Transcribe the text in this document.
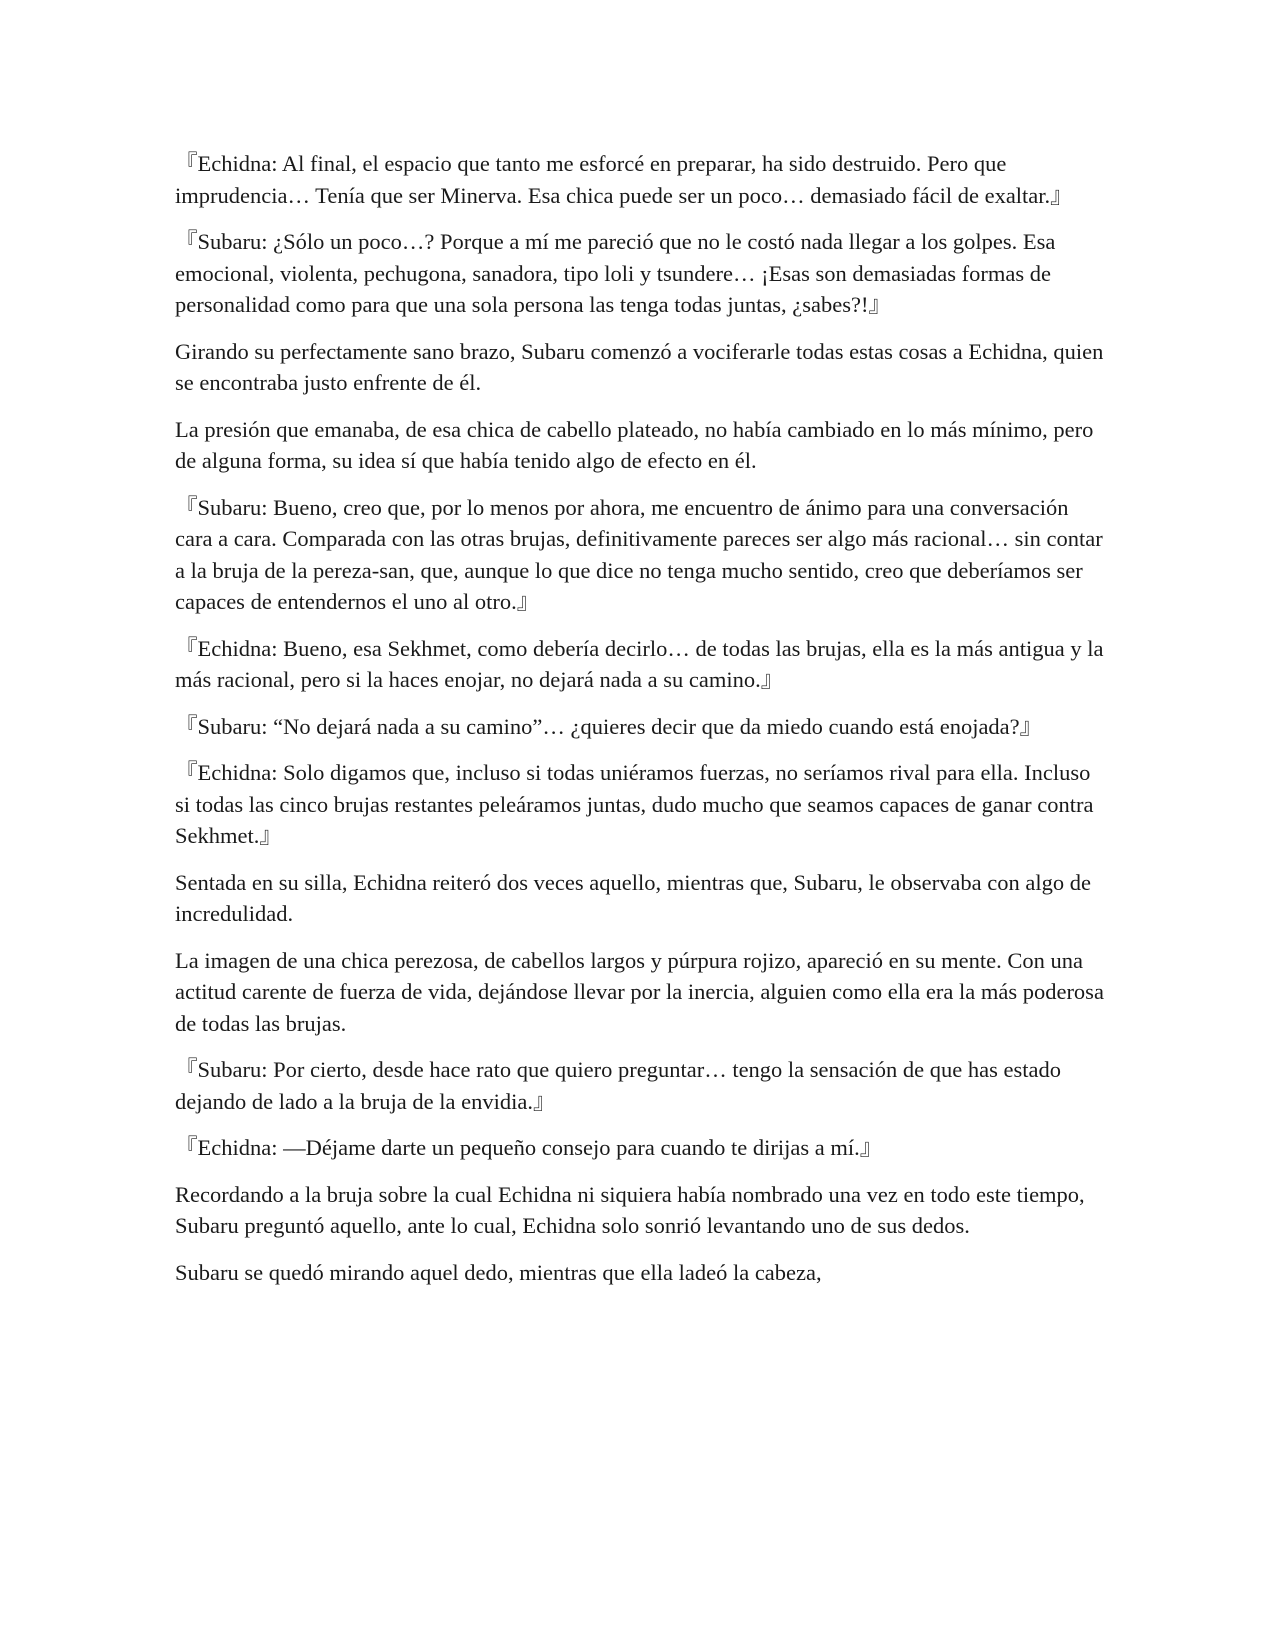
『Echidna: Al final, el espacio que tanto me esforcé en preparar, ha sido destruido. Pero que imprudencia… Tenía que ser Minerva. Esa chica puede ser un poco… demasiado fácil de exaltar.』

『Subaru: ¿Sólo un poco…? Porque a mí me pareció que no le costó nada llegar a los golpes. Esa emocional, violenta, pechugona, sanadora, tipo loli y tsundere… ¡Esas son demasiadas formas de personalidad como para que una sola persona las tenga todas juntas, ¿sabes?!』

Girando su perfectamente sano brazo, Subaru comenzó a vociferarle todas estas cosas a Echidna, quien se encontraba justo enfrente de él.

La presión que emanaba, de esa chica de cabello plateado, no había cambiado en lo más mínimo, pero de alguna forma, su idea sí que había tenido algo de efecto en él.

『Subaru: Bueno, creo que, por lo menos por ahora, me encuentro de ánimo para una conversación cara a cara. Comparada con las otras brujas, definitivamente pareces ser algo más racional… sin contar a la bruja de la pereza-san, que, aunque lo que dice no tenga mucho sentido, creo que deberíamos ser capaces de entendernos el uno al otro.』

『Echidna: Bueno, esa Sekhmet, como debería decirlo… de todas las brujas, ella es la más antigua y la más racional, pero si la haces enojar, no dejará nada a su camino.』

『Subaru: “No dejará nada a su camino”… ¿quieres decir que da miedo cuando está enojada?』

『Echidna: Solo digamos que, incluso si todas uniéramos fuerzas, no seríamos rival para ella. Incluso si todas las cinco brujas restantes peleáramos juntas, dudo mucho que seamos capaces de ganar contra Sekhmet.』

Sentada en su silla, Echidna reiteró dos veces aquello, mientras que, Subaru, le observaba con algo de incredulidad.

La imagen de una chica perezosa, de cabellos largos y púrpura rojizo, apareció en su mente. Con una actitud carente de fuerza de vida, dejándose llevar por la inercia, alguien como ella era la más poderosa de todas las brujas.

『Subaru: Por cierto, desde hace rato que quiero preguntar… tengo la sensación de que has estado dejando de lado a la bruja de la envidia.』

『Echidna: —Déjame darte un pequeño consejo para cuando te dirijas a mí.』

Recordando a la bruja sobre la cual Echidna ni siquiera había nombrado una vez en todo este tiempo, Subaru preguntó aquello, ante lo cual, Echidna solo sonrió levantando uno de sus dedos.

Subaru se quedó mirando aquel dedo, mientras que ella ladeó la cabeza,
